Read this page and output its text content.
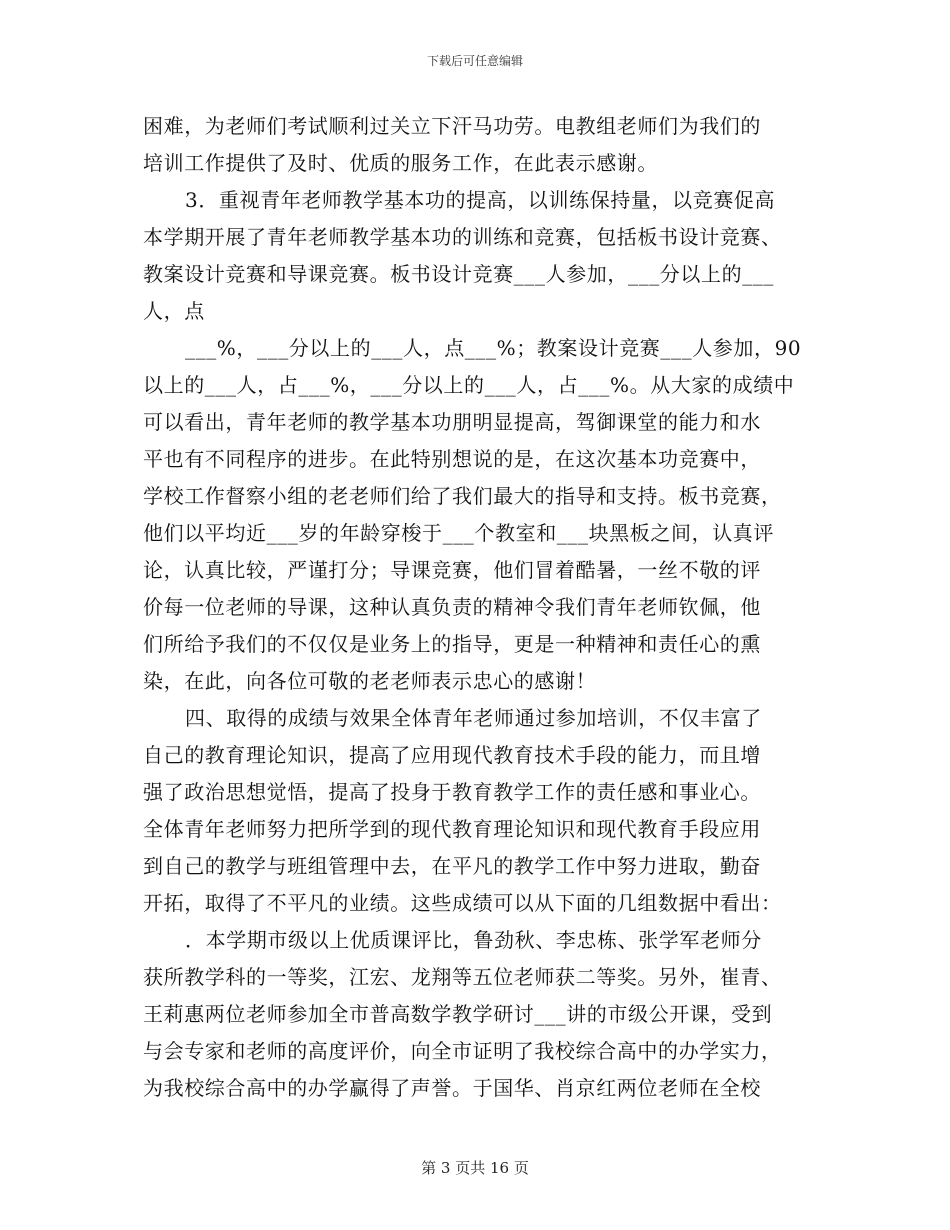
下载后可任意编辑
困难，为老师们考试顺利过关立下汗马功劳。电教组老师们为我们的
培训工作提供了及时、优质的服务工作，在此表示感谢。
3．重视青年老师教学基本功的提高，以训练保持量，以竞赛促高
本学期开展了青年老师教学基本功的训练和竞赛，包括板书设计竞赛、
教案设计竞赛和导课竞赛。板书设计竞赛___人参加，___分以上的___
人，点
___%，___分以上的___人，点___%；教案设计竞赛___人参加，90
以上的___人，占___%，___分以上的___人，占___%。从大家的成绩中
可以看出，青年老师的教学基本功朋明显提高，驾御课堂的能力和水
平也有不同程序的进步。在此特别想说的是，在这次基本功竞赛中，
学校工作督察小组的老老师们给了我们最大的指导和支持。板书竞赛，
他们以平均近___岁的年龄穿梭于___个教室和___块黑板之间，认真评
论，认真比较，严谨打分；导课竞赛，他们冒着酷暑，一丝不敬的评
价每一位老师的导课，这种认真负责的精神令我们青年老师钦佩，他
们所给予我们的不仅仅是业务上的指导，更是一种精神和责任心的熏
染，在此，向各位可敬的老老师表示忠心的感谢！
四、取得的成绩与效果全体青年老师通过参加培训，不仅丰富了
自己的教育理论知识，提高了应用现代教育技术手段的能力，而且增
强了政治思想觉悟，提高了投身于教育教学工作的责任感和事业心。
全体青年老师努力把所学到的现代教育理论知识和现代教育手段应用
到自己的教学与班组管理中去，在平凡的教学工作中努力进取，勤奋
开拓，取得了不平凡的业绩。这些成绩可以从下面的几组数据中看出：
．本学期市级以上优质课评比，鲁劲秋、李忠栋、张学军老师分
获所教学科的一等奖，江宏、龙翔等五位老师获二等奖。另外，崔青、
王莉惠两位老师参加全市普高数学教学研讨___讲的市级公开课，受到
与会专家和老师的高度评价，向全市证明了我校综合高中的办学实力，
为我校综合高中的办学赢得了声誉。于国华、肖京红两位老师在全校
第 3 页共 16 页
